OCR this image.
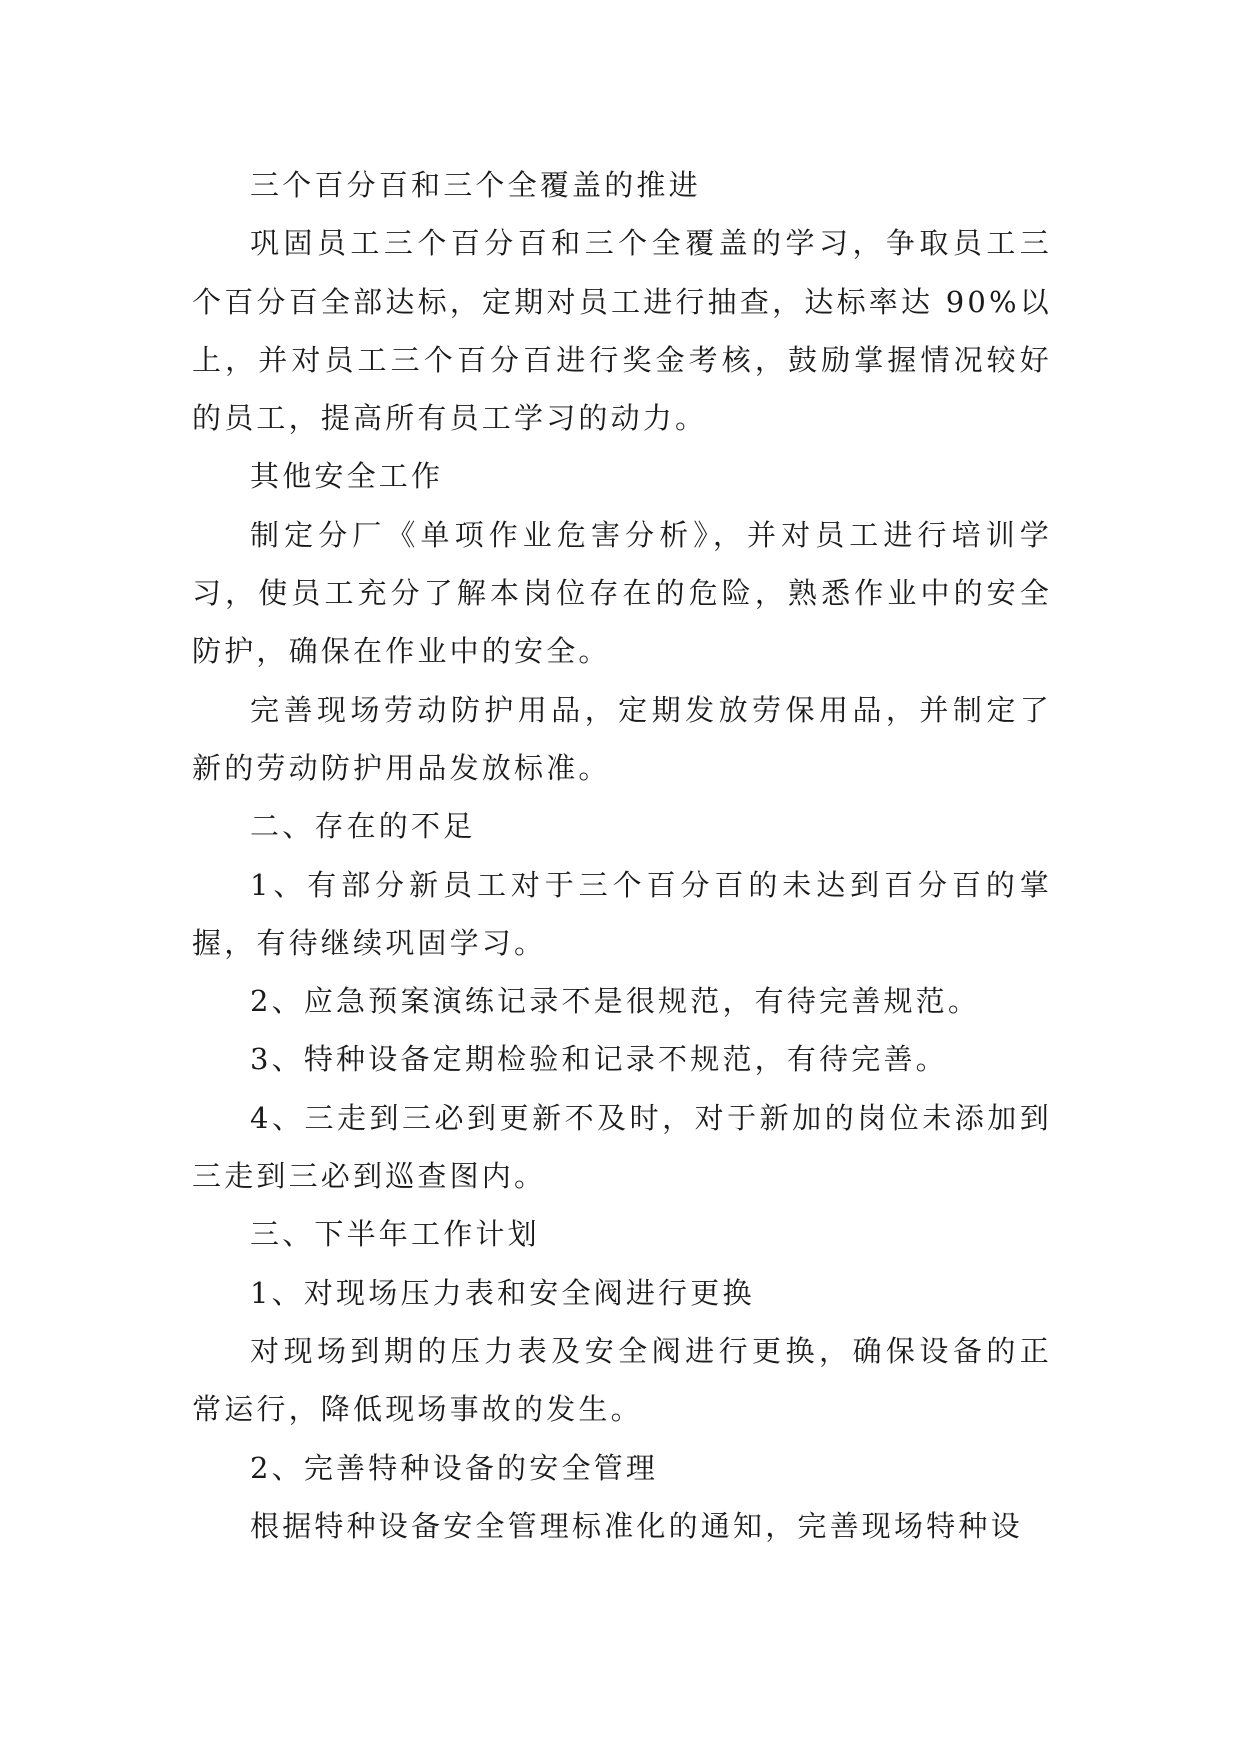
三个百分百和三个全覆盖的推进

巩固员工三个百分百和三个全覆盖的学习，争取员工三个百分百全部达标，定期对员工进行抽查，达标率达 90%以上，并对员工三个百分百进行奖金考核，鼓励掌握情况较好的员工，提高所有员工学习的动力。

其他安全工作

制定分厂《单项作业危害分析》，并对员工进行培训学习，使员工充分了解本岗位存在的危险，熟悉作业中的安全防护，确保在作业中的安全。

完善现场劳动防护用品，定期发放劳保用品，并制定了新的劳动防护用品发放标准。

二、存在的不足

1、有部分新员工对于三个百分百的未达到百分百的掌握，有待继续巩固学习。

2、应急预案演练记录不是很规范，有待完善规范。

3、特种设备定期检验和记录不规范，有待完善。

4、三走到三必到更新不及时，对于新加的岗位未添加到三走到三必到巡查图内。

三、下半年工作计划

1、对现场压力表和安全阀进行更换

对现场到期的压力表及安全阀进行更换，确保设备的正常运行，降低现场事故的发生。

2、完善特种设备的安全管理

根据特种设备安全管理标准化的通知，完善现场特种设
